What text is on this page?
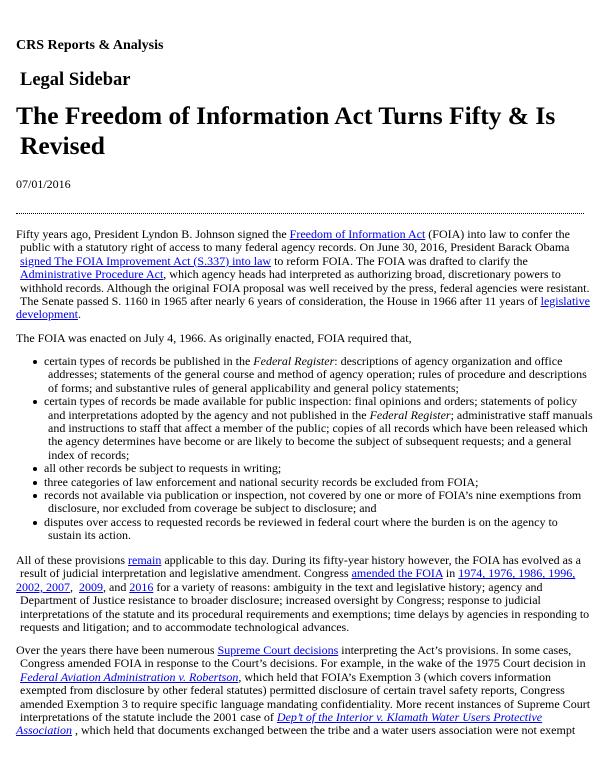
CRS Reports & Analysis
Legal Sidebar
The Freedom of Information Act Turns Fifty & Is
Revised
07/01/2016

Fifty years ago, President Lyndon B. Johnson signed the Freedom of Information Act (FOIA) into law to confer the
public with a statutory right of access to many federal agency records. On June 30, 2016, President Barack Obama
signed The FOIA Improvement Act (S.337) into law to reform FOIA. The FOIA was drafted to clarify the
Administrative Procedure Act, which agency heads had interpreted as authorizing broad, discretionary powers to
withhold records. Although the original FOIA proposal was well received by the press, federal agencies were resistant.
The Senate passed S. 1160 in 1965 after nearly 6 years of consideration, the House in 1966 after 11 years of legislative
development.

The FOIA was enacted on July 4, 1966. As originally enacted, FOIA required that,

certain types of records be published in the Federal Register: descriptions of agency organization and office
addresses; statements of the general course and method of agency operation; rules of procedure and descriptions
of forms; and substantive rules of general applicability and general policy statements;
certain types of records be made available for public inspection: final opinions and orders; statements of policy
and interpretations adopted by the agency and not published in the Federal Register; administrative staff manuals
and instructions to staff that affect a member of the public; copies of all records which have been released which
the agency determines have become or are likely to become the subject of subsequent requests; and a general
index of records;
all other records be subject to requests in writing;
three categories of law enforcement and national security records be excluded from FOIA;
records not available via publication or inspection, not covered by one or more of FOIA’s nine exemptions from
disclosure, nor excluded from coverage be subject to disclosure; and
disputes over access to requested records be reviewed in federal court where the burden is on the agency to
sustain its action.

All of these provisions remain applicable to this day. During its fifty-year history however, the FOIA has evolved as a
result of judicial interpretation and legislative amendment. Congress amended the FOIA in 1974, 1976, 1986, 1996,
2002, 2007,  2009, and 2016 for a variety of reasons: ambiguity in the text and legislative history; agency and
Department of Justice resistance to broader disclosure; increased oversight by Congress; response to judicial
interpretations of the statute and its procedural requirements and exemptions; time delays by agencies in responding to
requests and litigation; and to accommodate technological advances.

Over the years there have been numerous Supreme Court decisions interpreting the Act’s provisions. In some cases,
Congress amended FOIA in response to the Court’s decisions. For example, in the wake of the 1975 Court decision in
Federal Aviation Administration v. Robertson, which held that FOIA’s Exemption 3 (which covers information
exempted from disclosure by other federal statutes) permitted disclosure of certain travel safety reports, Congress
amended Exemption 3 to require specific language mandating confidentiality. More recent instances of Supreme Court
interpretations of the statute include the 2001 case of Dep’t of the Interior v. Klamath Water Users Protective
Association , which held that documents exchanged between the tribe and a water users association were not exempt
